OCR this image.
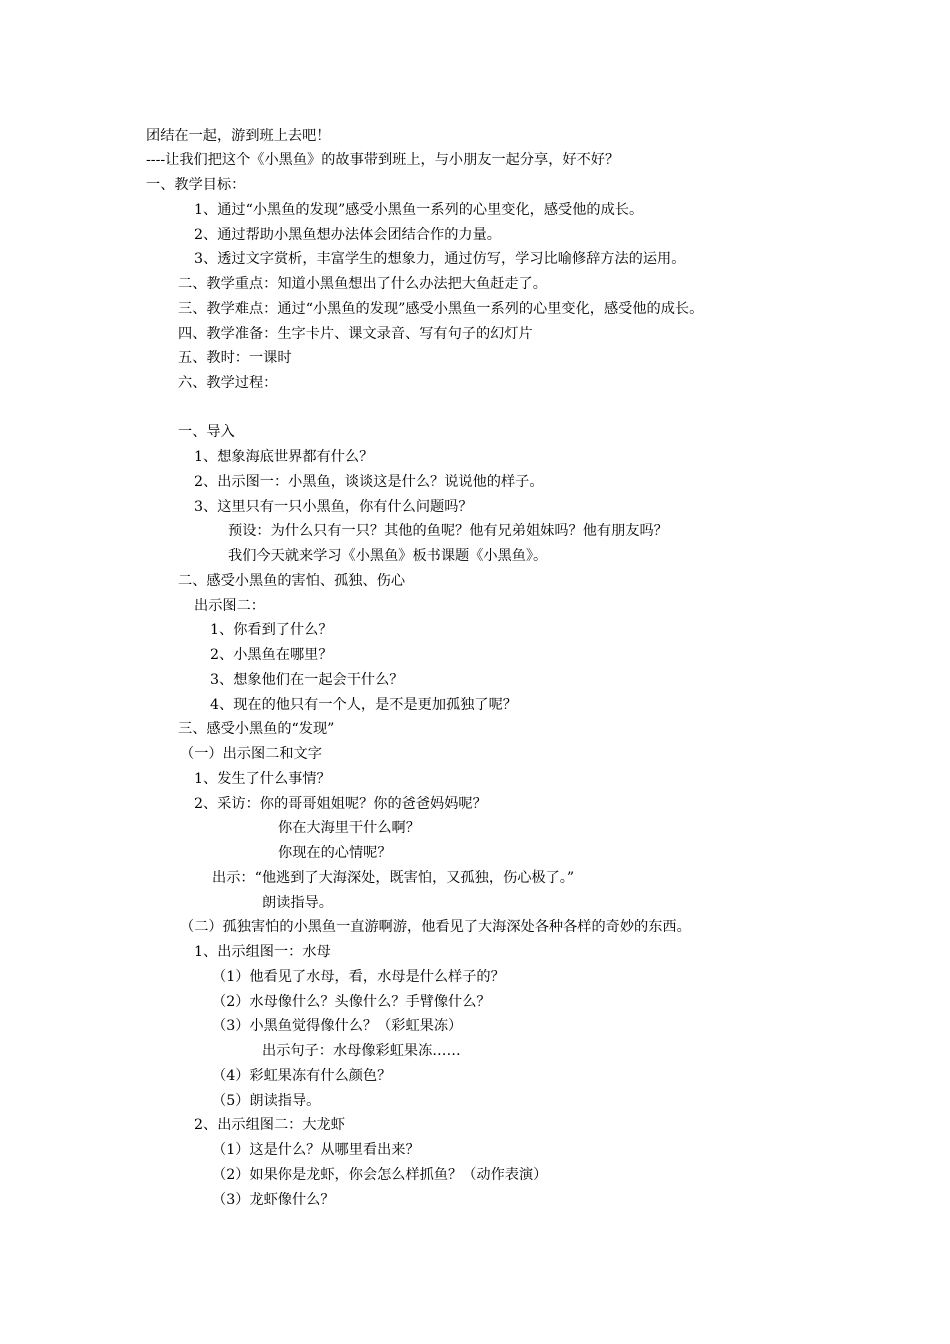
团结在一起，游到班上去吧！
----让我们把这个《小黑鱼》的故事带到班上，与小朋友一起分享，好不好？
一、教学目标：
1、通过“小黑鱼的发现”感受小黑鱼一系列的心里变化，感受他的成长。
2、通过帮助小黑鱼想办法体会团结合作的力量。
3、透过文字赏析，丰富学生的想象力，通过仿写，学习比喻修辞方法的运用。
二、教学重点：知道小黑鱼想出了什么办法把大鱼赶走了。
三、教学难点：通过“小黑鱼的发现”感受小黑鱼一系列的心里变化，感受他的成长。
四、教学准备：生字卡片、课文录音、写有句子的幻灯片
五、教时：一课时
六、教学过程：
一、导入
1、想象海底世界都有什么？
2、出示图一：小黑鱼，谈谈这是什么？说说他的样子。
3、这里只有一只小黑鱼，你有什么问题吗？
预设：为什么只有一只？其他的鱼呢？他有兄弟姐妹吗？他有朋友吗？
我们今天就来学习《小黑鱼》板书课题《小黑鱼》。
二、感受小黑鱼的害怕、孤独、伤心
出示图二：
1、你看到了什么？
2、小黑鱼在哪里？
3、想象他们在一起会干什么？
4、现在的他只有一个人，是不是更加孤独了呢？
三、感受小黑鱼的“发现”
（一）出示图二和文字
1、发生了什么事情？
2、采访：你的哥哥姐姐呢？你的爸爸妈妈呢？
你在大海里干什么啊？
你现在的心情呢？
出示：“他逃到了大海深处，既害怕，又孤独，伤心极了。”
朗读指导。
（二）孤独害怕的小黑鱼一直游啊游，他看见了大海深处各种各样的奇妙的东西。
1、出示组图一：水母
（1）他看见了水母，看，水母是什么样子的？
（2）水母像什么？头像什么？手臂像什么？
（3）小黑鱼觉得像什么？（彩虹果冻）
出示句子：水母像彩虹果冻……
（4）彩虹果冻有什么颜色？
（5）朗读指导。
2、出示组图二：大龙虾
（1）这是什么？从哪里看出来？
（2）如果你是龙虾，你会怎么样抓鱼？（动作表演）
（3）龙虾像什么？
